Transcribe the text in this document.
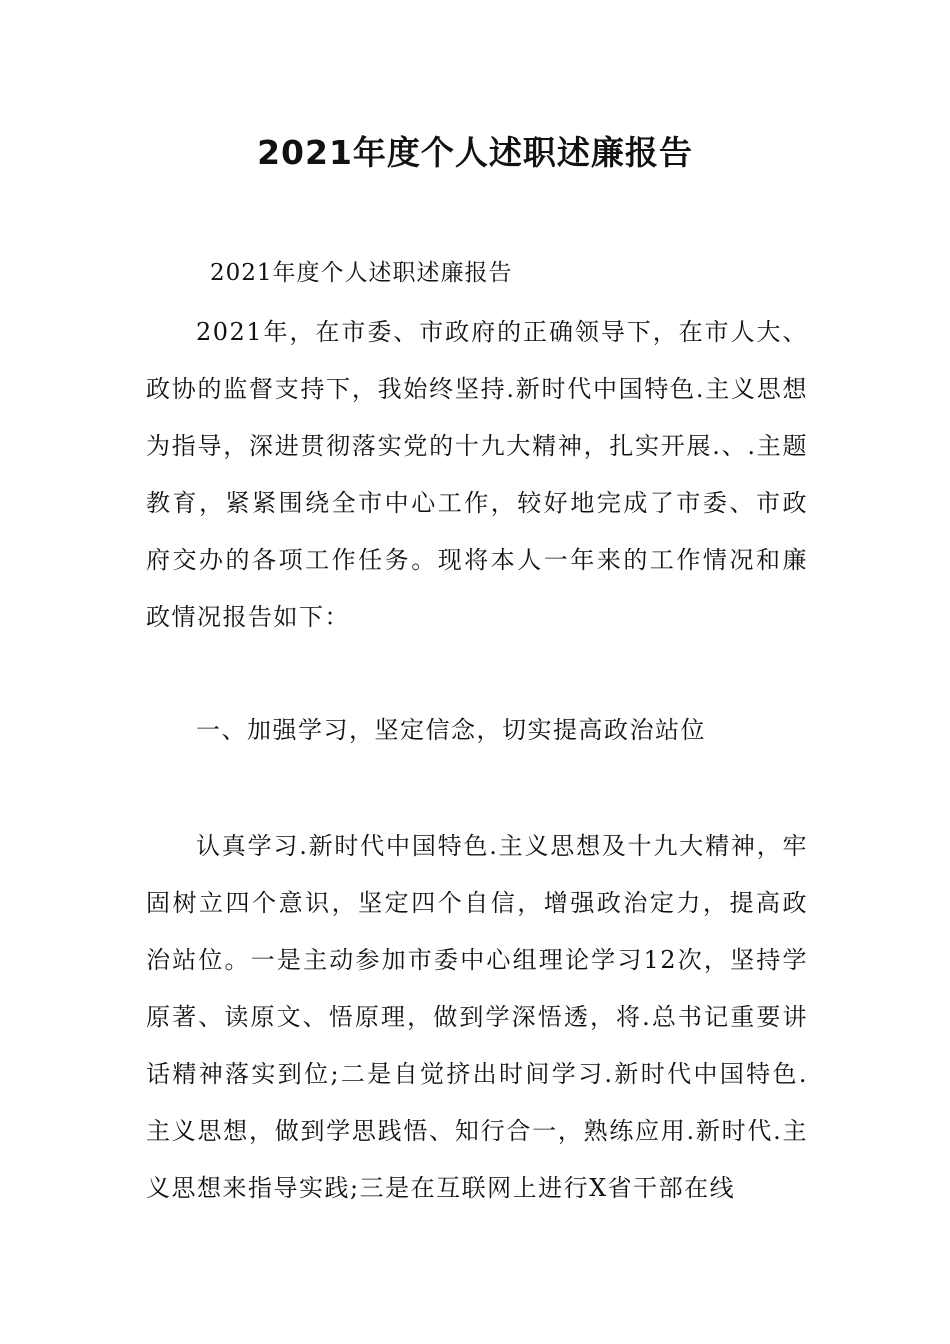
2021年度个人述职述廉报告

2021年度个人述职述廉报告

2021年，在市委、市政府的正确领导下，在市人大、政协的监督支持下，我始终坚持.新时代中国特色.主义思想为指导，深进贯彻落实党的十九大精神，扎实开展.、.主题教育，紧紧围绕全市中心工作，较好地完成了市委、市政府交办的各项工作任务。现将本人一年来的工作情况和廉政情况报告如下：

一、加强学习，坚定信念，切实提高政治站位

认真学习.新时代中国特色.主义思想及十九大精神，牢固树立四个意识，坚定四个自信，增强政治定力，提高政治站位。一是主动参加市委中心组理论学习12次，坚持学原著、读原文、悟原理，做到学深悟透，将.总书记重要讲话精神落实到位;二是自觉挤出时间学习.新时代中国特色.主义思想，做到学思践悟、知行合一，熟练应用.新时代.主义思想来指导实践;三是在互联网上进行X省干部在线
